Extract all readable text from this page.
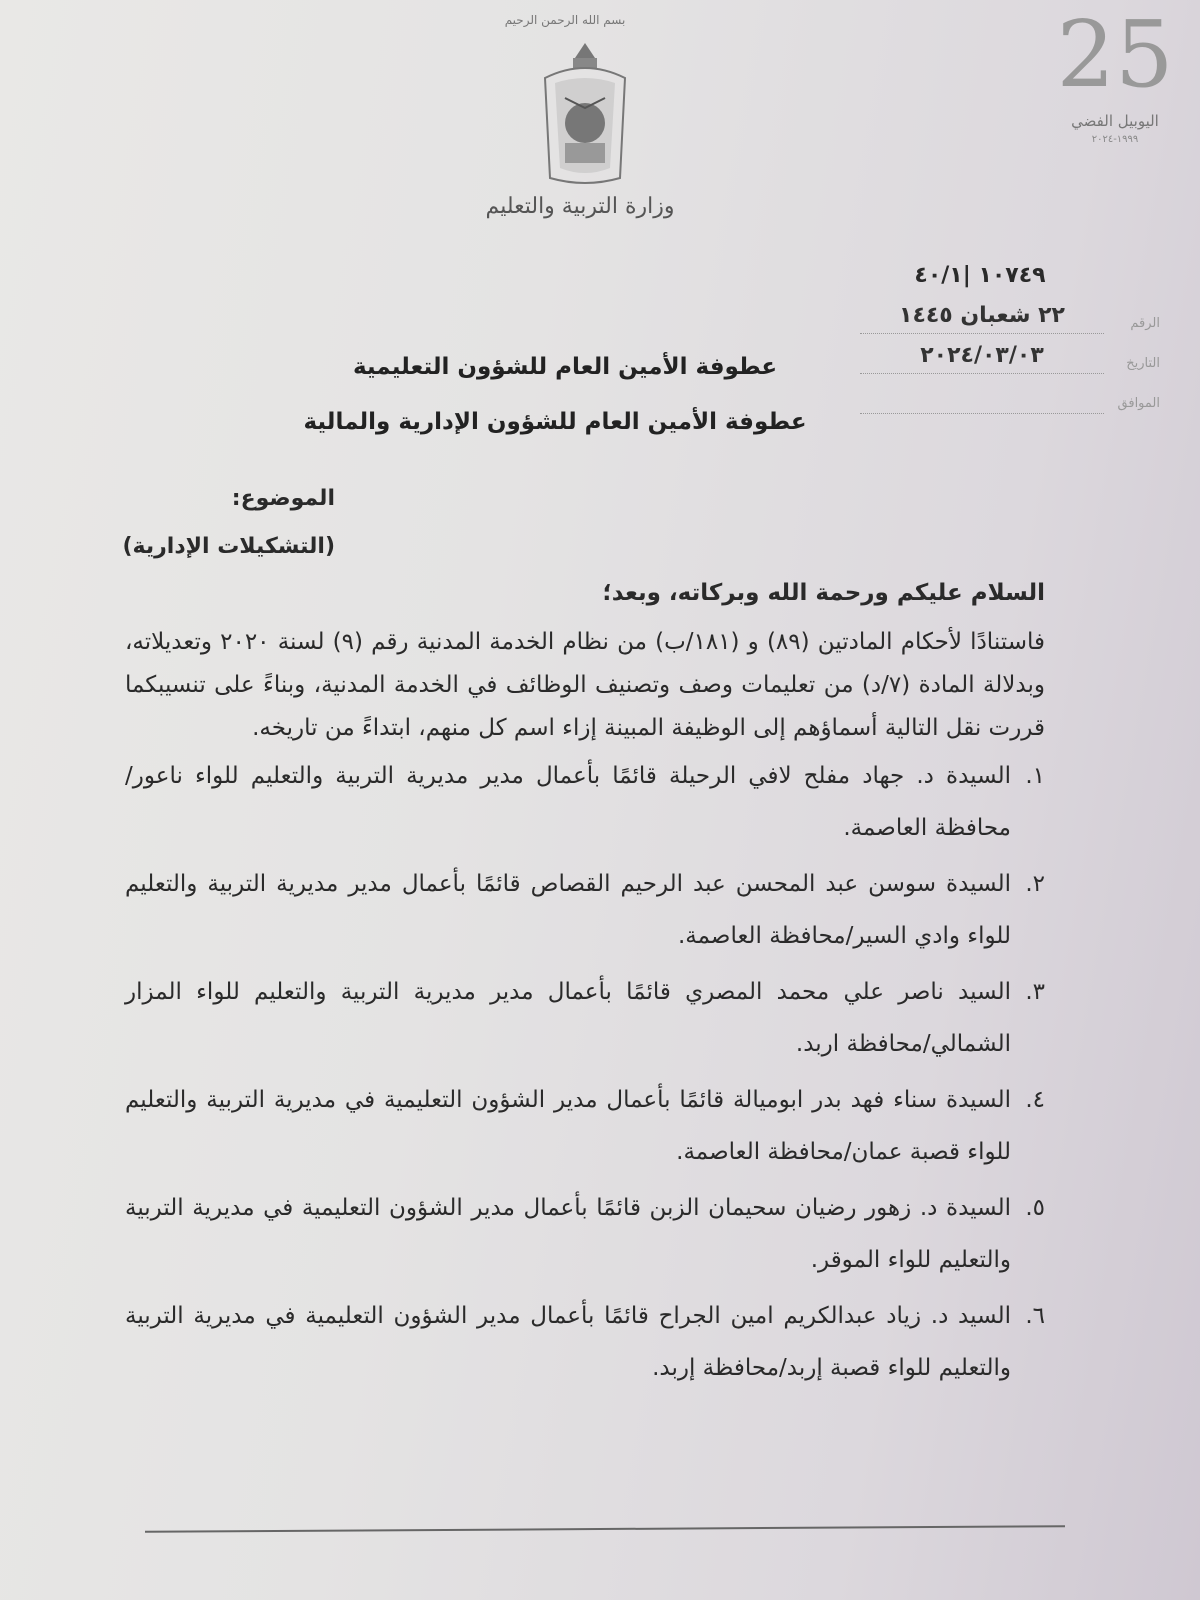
بسم الله الرحمن الرحيم
وزارة التربية والتعليم
25
اليوبيل الفضي
١٩٩٩-٢٠٢٤
١٠٧٤٩ |٤٠/١
الرقم
٢٢ شعبان ١٤٤٥
التاريخ
٢٠٢٤/٠٣/٠٣
الموافق
عطوفة الأمين العام للشؤون التعليمية
عطوفة الأمين العام للشؤون الإدارية والمالية
الموضوع:
(التشكيلات الإدارية)
السلام عليكم ورحمة الله وبركاته، وبعد؛
فاستنادًا لأحكام المادتين (٨٩) و (١٨١/ب) من نظام الخدمة المدنية رقم (٩) لسنة ٢٠٢٠ وتعديلاته، وبدلالة المادة (٧/د) من تعليمات وصف وتصنيف الوظائف في الخدمة المدنية، وبناءً على تنسيبكما قررت نقل التالية أسماؤهم إلى الوظيفة المبينة إزاء اسم كل منهم، ابتداءً من تاريخه.
١.
السيدة د. جهاد مفلح لافي الرحيلة قائمًا بأعمال مدير مديرية التربية والتعليم للواء ناعور/محافظة العاصمة.
٢.
السيدة سوسن عبد المحسن عبد الرحيم القصاص قائمًا بأعمال مدير مديرية التربية والتعليم للواء وادي السير/محافظة العاصمة.
٣.
السيد ناصر علي محمد المصري قائمًا بأعمال مدير مديرية التربية والتعليم للواء المزار الشمالي/محافظة اربد.
٤.
السيدة سناء فهد بدر ابوميالة قائمًا بأعمال مدير الشؤون التعليمية في مديرية التربية والتعليم للواء قصبة عمان/محافظة العاصمة.
٥.
السيدة د. زهور رضيان سحيمان الزبن قائمًا بأعمال مدير الشؤون التعليمية في مديرية التربية والتعليم للواء الموقر.
٦.
السيد د. زياد عبدالكريم امين الجراح قائمًا بأعمال مدير الشؤون التعليمية في مديرية التربية والتعليم للواء قصبة إربد/محافظة إربد.
